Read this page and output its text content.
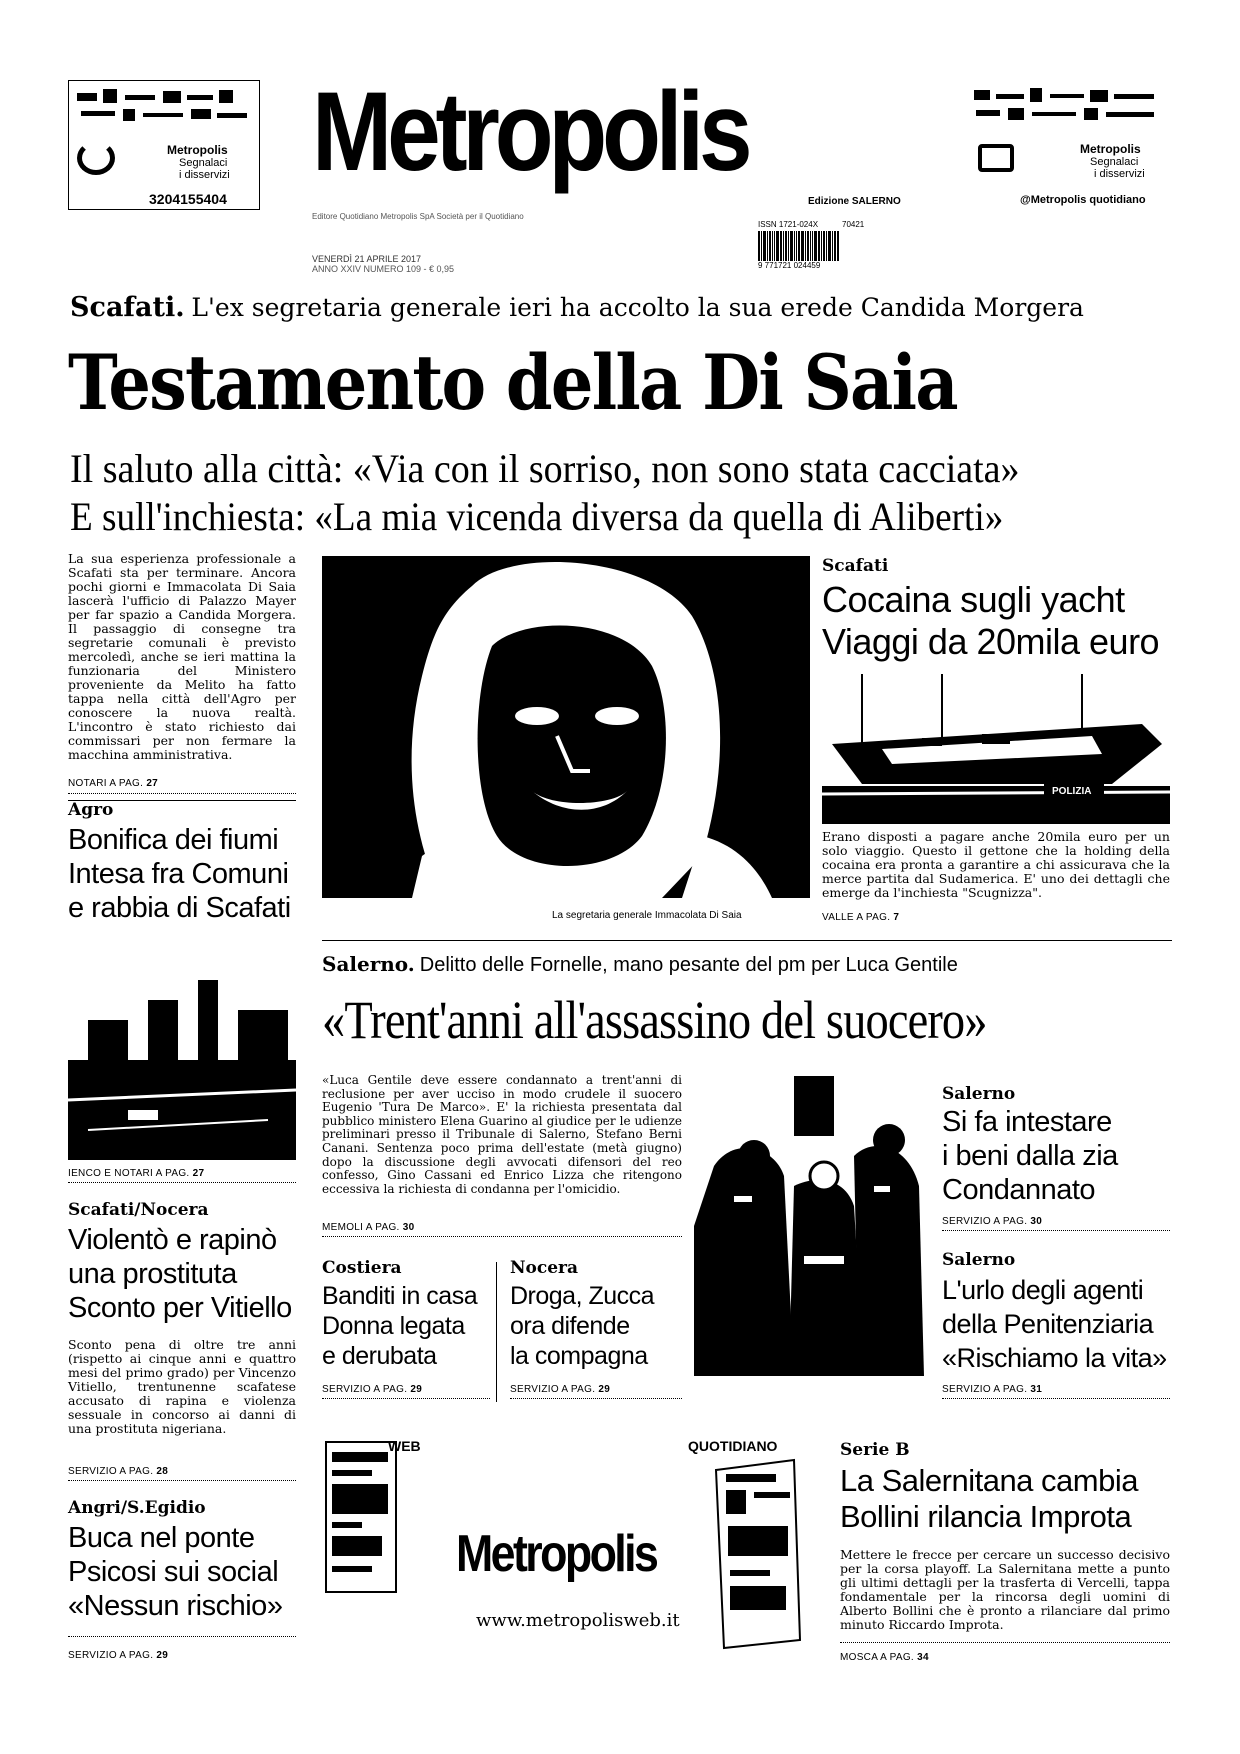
Metropolis
Segnalaci
i disservizi
3204155404
Metropolis
Edizione SALERNO
Editore Quotidiano Metropolis SpA Società per il Quotidiano
VENERDÌ 21 APRILE 2017
ANNO XXIV NUMERO 109 - € 0,95
ISSN 1721-024X	70421
9 771721 024459
Metropolis
Segnalaci
i disservizi
@Metropolis quotidiano
Scafati. L'ex segretaria generale ieri ha accolto la sua erede Candida Morgera
Testamento della Di Saia
Il saluto alla città: «Via con il sorriso, non sono stata cacciata»
E sull'inchiesta: «La mia vicenda diversa da quella di Aliberti»
La sua esperienza professionale a Scafati sta per terminare. Ancora pochi giorni e Immacolata Di Saia lascerà l'ufficio di Palazzo Mayer per far spazio a Candida Morgera. Il passaggio di consegne tra segretarie comunali è previsto mercoledì, anche se ieri mattina la funzionaria del Ministero proveniente da Melito ha fatto tappa nella città dell'Agro per conoscere la nuova realtà. L'incontro è stato richiesto dai commissari per non fermare la macchina amministrativa.
NOTARI A PAG. 27
La segretaria generale Immacolata Di Saia
Scafati
Cocaina sugli yacht
Viaggi da 20mila euro
POLIZIA
Erano disposti a pagare anche 20mila euro per un solo viaggio. Questo il gettone che la holding della cocaina era pronta a garantire a chi assicurava che la merce partita dal Sudamerica. E' uno dei dettagli che emerge da l'inchiesta "Scugnizza".
VALLE A PAG. 7
Agro
Bonifica dei fiumi
Intesa fra Comuni
e rabbia di Scafati
IENCO E NOTARI A PAG. 27
Salerno. Delitto delle Fornelle, mano pesante del pm per Luca Gentile
«Trent'anni all'assassino del suocero»
«Luca Gentile deve essere condannato a trent'anni di reclusione per aver ucciso in modo crudele il suocero Eugenio 'Tura De Marco». E' la richiesta presentata dal pubblico ministero Elena Guarino al giudice per le udienze preliminari presso il Tribunale di Salerno, Stefano Berni Canani. Sentenza poco prima dell'estate (metà giugno) dopo la discussione degli avvocati difensori del reo confesso, Gino Cassani ed Enrico Lizza che ritengono eccessiva la richiesta di condanna per l'omicidio.
MEMOLI A PAG. 30
Salerno
Si fa intestare
i beni dalla zia
Condannato
SERVIZIO A PAG. 30
Salerno
L'urlo degli agenti
della Penitenziaria
«Rischiamo la vita»
SERVIZIO A PAG. 31
Costiera
Banditi in casa
Donna legata
e derubata
SERVIZIO A PAG. 29
Nocera
Droga, Zucca
ora difende
la compagna
SERVIZIO A PAG. 29
Scafati/Nocera
Violentò e rapinò
una prostituta
Sconto per Vitiello
Sconto pena di oltre tre anni (rispetto ai cinque anni e quattro mesi del primo grado) per Vincenzo Vitiello, trentunenne scafatese accusato di rapina e violenza sessuale in concorso ai danni di una prostituta nigeriana.
SERVIZIO A PAG. 28
Angri/S.Egidio
Buca nel ponte
Psicosi sui social
«Nessun rischio»
SERVIZIO A PAG. 29
WEB	QUOTIDIANO
Metropolis
www.metropolisweb.it
Serie B
La Salernitana cambia
Bollini rilancia Improta
Mettere le frecce per cercare un successo decisivo per la corsa playoff. La Salernitana mette a punto gli ultimi dettagli per la trasferta di Vercelli, tappa fondamentale per la rincorsa degli uomini di Alberto Bollini che è pronto a rilanciare dal primo minuto Riccardo Improta.
MOSCA A PAG. 34
